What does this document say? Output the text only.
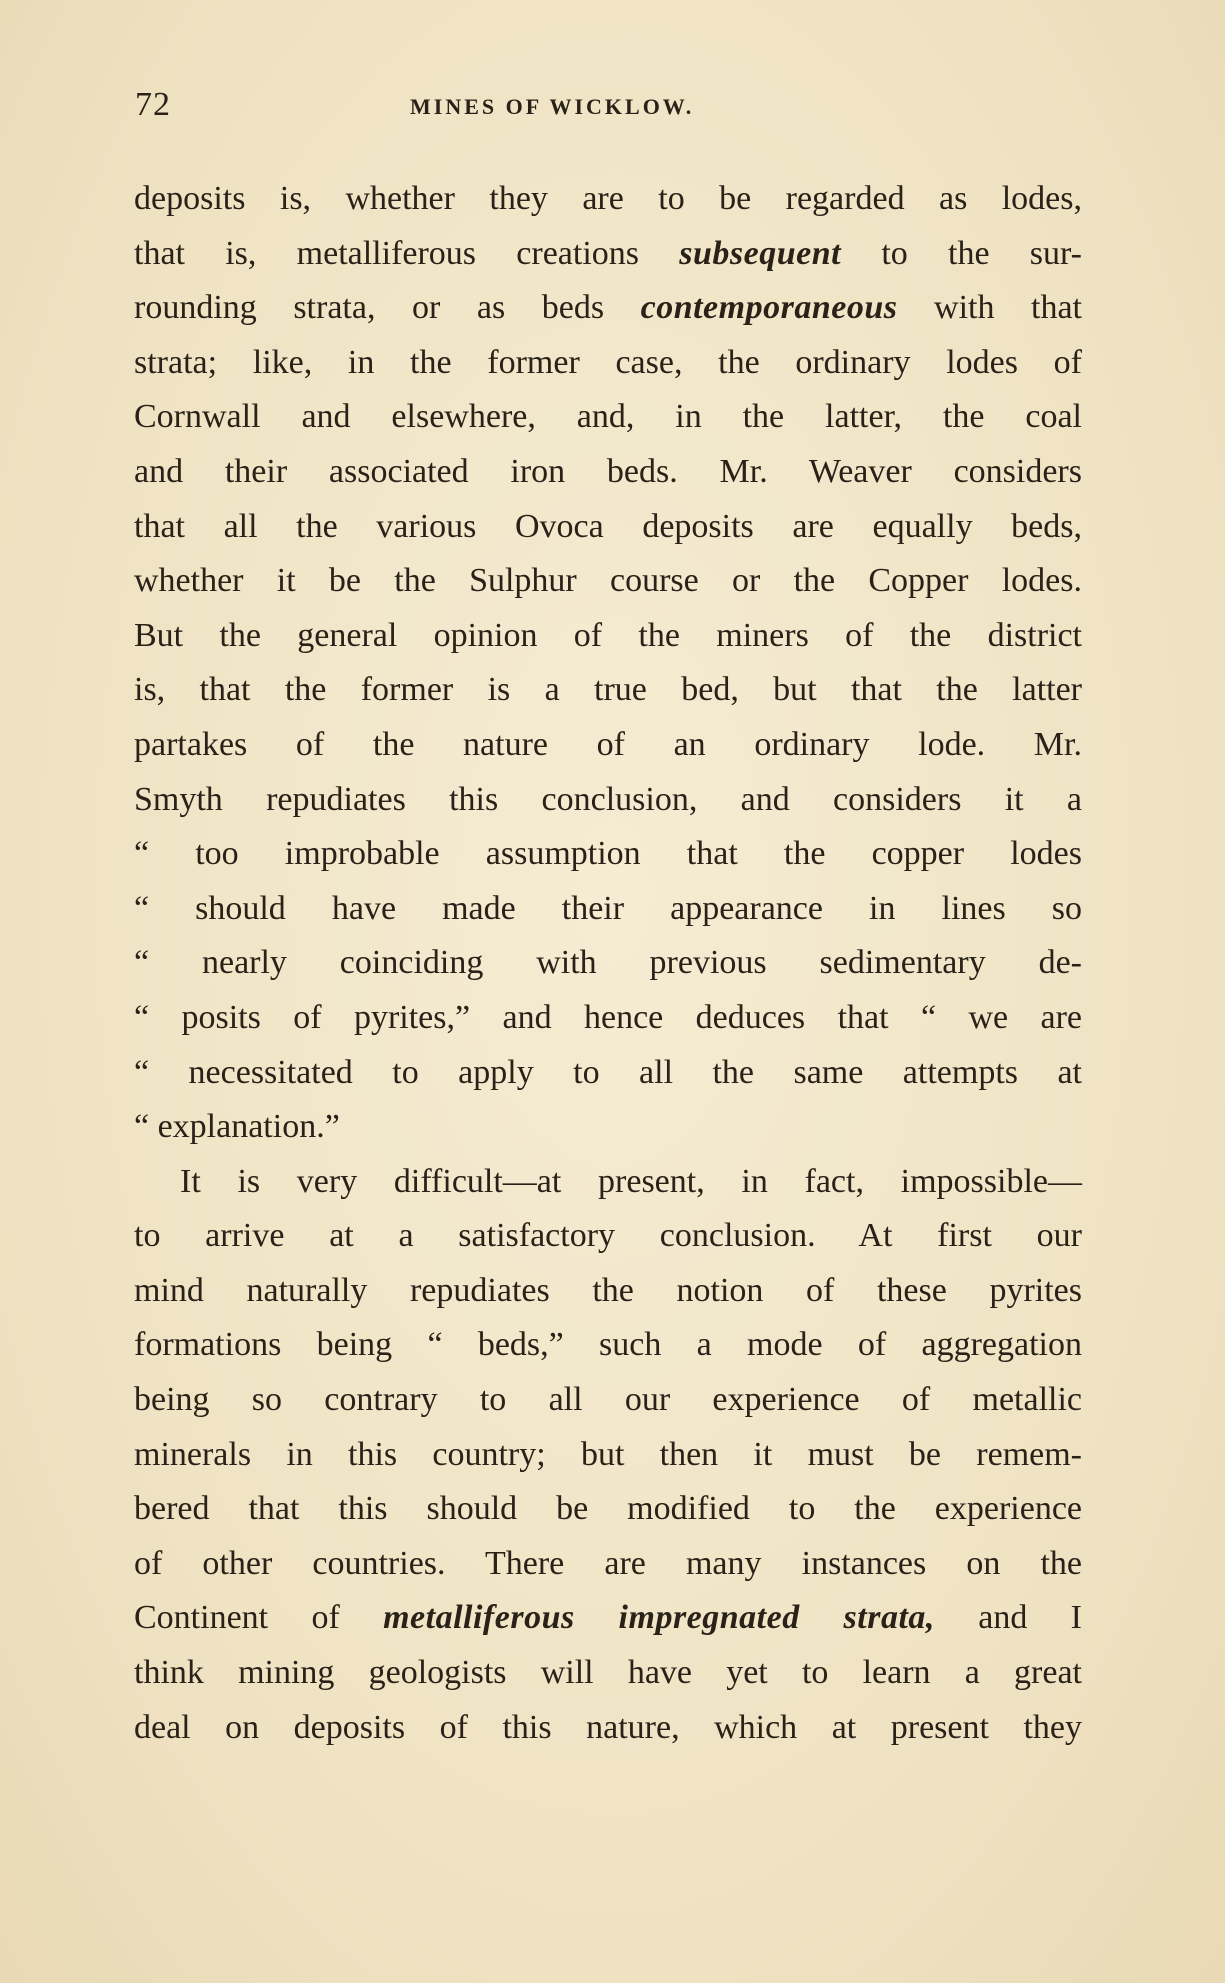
72	MINES OF WICKLOW.
deposits is, whether they are to be regarded as lodes,
that is, metalliferous creations subsequent to the sur-
rounding strata, or as beds contemporaneous with that
strata; like, in the former case, the ordinary lodes of
Cornwall and elsewhere, and, in the latter, the coal
and their associated iron beds. Mr. Weaver considers
that all the various Ovoca deposits are equally beds,
whether it be the Sulphur course or the Copper lodes.
But the general opinion of the miners of the district
is, that the former is a true bed, but that the latter
partakes of the nature of an ordinary lode. Mr.
Smyth repudiates this conclusion, and considers it a
“ too improbable assumption that the copper lodes
“ should have made their appearance in lines so
“ nearly coinciding with previous sedimentary de-
“ posits of pyrites,” and hence deduces that “ we are
“ necessitated to apply to all the same attempts at
“ explanation.”
It is very difficult—at present, in fact, impossible—
to arrive at a satisfactory conclusion. At first our
mind naturally repudiates the notion of these pyrites
formations being “ beds,” such a mode of aggregation
being so contrary to all our experience of metallic
minerals in this country; but then it must be remem-
bered that this should be modified to the experience
of other countries. There are many instances on the
Continent of metalliferous impregnated strata, and I
think mining geologists will have yet to learn a great
deal on deposits of this nature, which at present they
